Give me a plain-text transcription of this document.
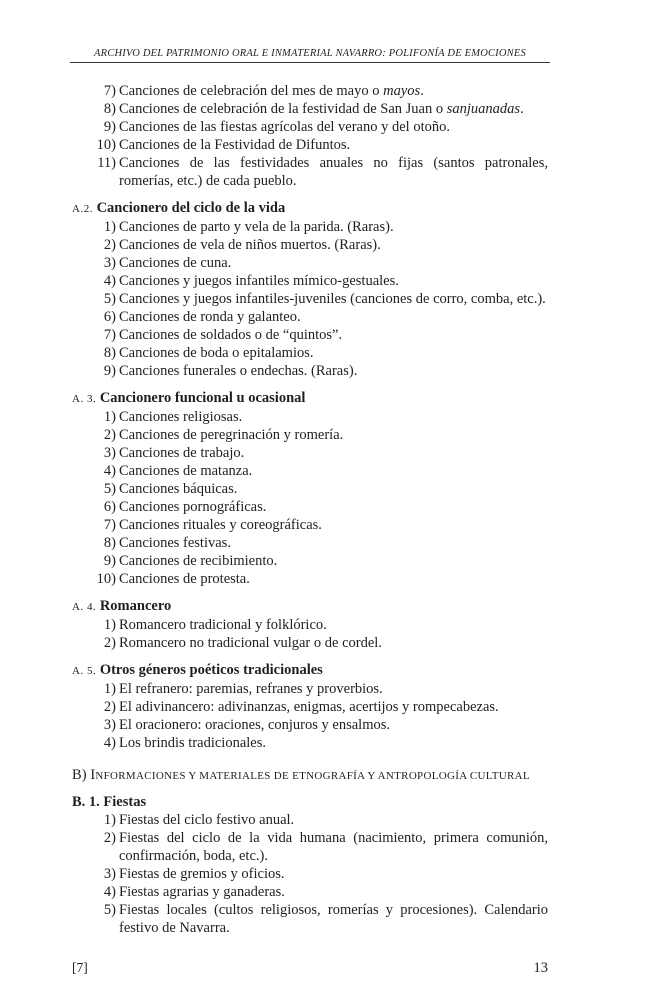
ARCHIVO DEL PATRIMONIO ORAL E INMATERIAL NAVARRO: POLIFONÍA DE EMOCIONES
7) Canciones de celebración del mes de mayo o mayos.
8) Canciones de celebración de la festividad de San Juan o sanjuanadas.
9) Canciones de las fiestas agrícolas del verano y del otoño.
10) Canciones de la Festividad de Difuntos.
11) Canciones de las festividades anuales no fijas (santos patronales, romerías, etc.) de cada pueblo.
A.2. Cancionero del ciclo de la vida
1) Canciones de parto y vela de la parida. (Raras).
2) Canciones de vela de niños muertos. (Raras).
3) Canciones de cuna.
4) Canciones y juegos infantiles mímico-gestuales.
5) Canciones y juegos infantiles-juveniles (canciones de corro, comba, etc.).
6) Canciones de ronda y galanteo.
7) Canciones de soldados o de “quintos”.
8) Canciones de boda o epitalamios.
9) Canciones funerales o endechas. (Raras).
A. 3. Cancionero funcional u ocasional
1) Canciones religiosas.
2) Canciones de peregrinación y romería.
3) Canciones de trabajo.
4) Canciones de matanza.
5) Canciones báquicas.
6) Canciones pornográficas.
7) Canciones rituales y coreográficas.
8) Canciones festivas.
9) Canciones de recibimiento.
10) Canciones de protesta.
A. 4. Romancero
1) Romancero tradicional y folklórico.
2) Romancero no tradicional vulgar o de cordel.
A. 5. Otros géneros poéticos tradicionales
1) El refranero: paremias, refranes y proverbios.
2) El adivinancero: adivinanzas, enigmas, acertijos y rompecabezas.
3) El oracionero: oraciones, conjuros y ensalmos.
4) Los brindis tradicionales.
B) INFORMACIONES Y MATERIALES DE ETNOGRAFÍA Y ANTROPOLOGÍA CULTURAL
B. 1. Fiestas
1) Fiestas del ciclo festivo anual.
2) Fiestas del ciclo de la vida humana (nacimiento, primera comunión, confirmación, boda, etc.).
3) Fiestas de gremios y oficios.
4) Fiestas agrarias y ganaderas.
5) Fiestas locales (cultos religiosos, romerías y procesiones). Calendario festivo de Navarra.
[7]	13
